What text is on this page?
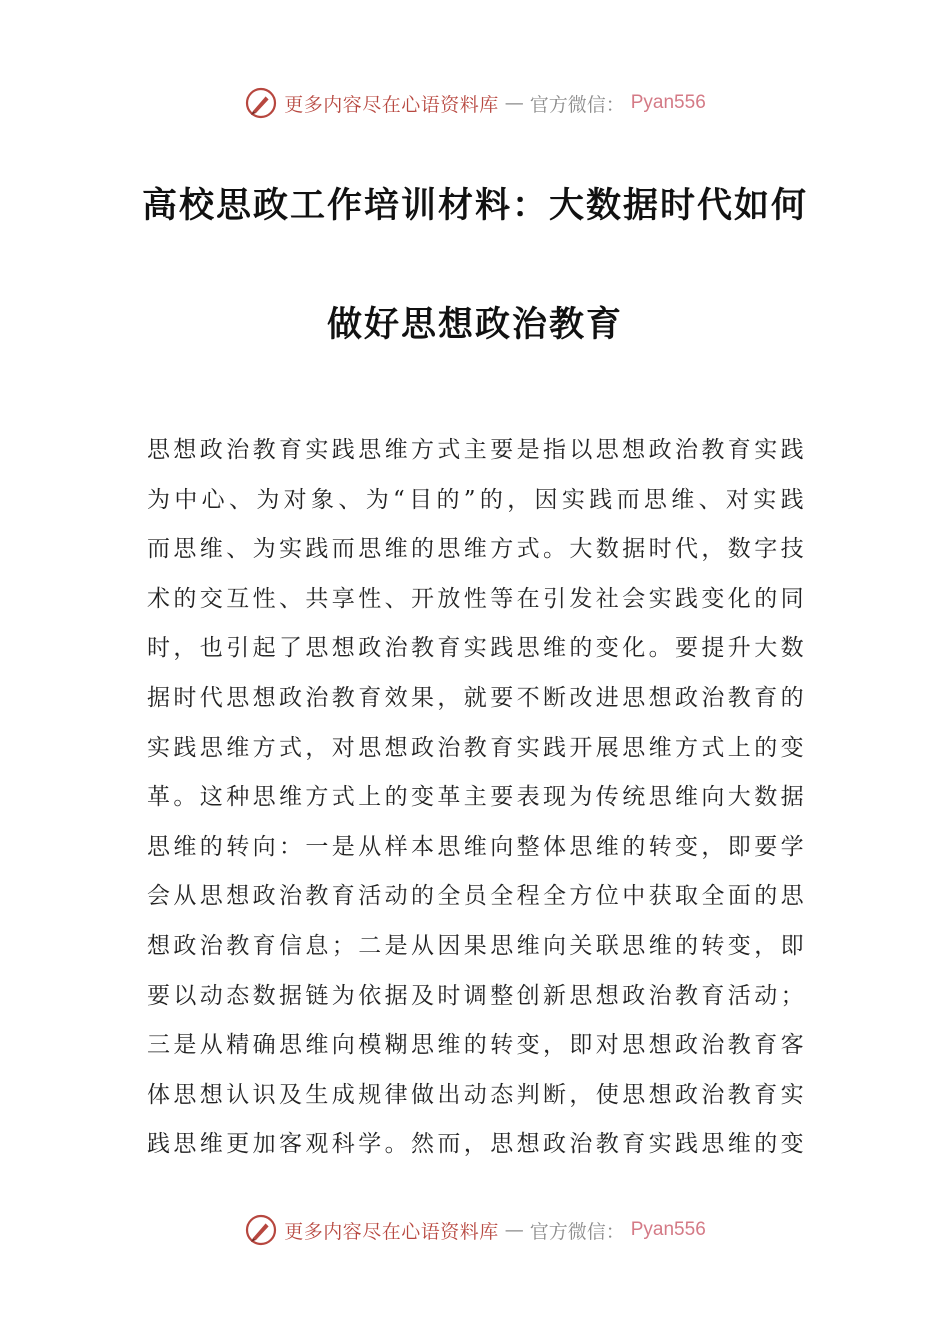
更多内容尽在心语资料库 — 官方微信： Pyan556
高校思政工作培训材料：大数据时代如何
做好思想政治教育

思想政治教育实践思维方式主要是指以思想政治教育实践为中心、为对象、为“目的”的，因实践而思维、对实践而思维、为实践而思维的思维方式。大数据时代，数字技术的交互性、共享性、开放性等在引发社会实践变化的同时，也引起了思想政治教育实践思维的变化。要提升大数据时代思想政治教育效果，就要不断改进思想政治教育的实践思维方式，对思想政治教育实践开展思维方式上的变革。这种思维方式上的变革主要表现为传统思维向大数据思维的转向：一是从样本思维向整体思维的转变，即要学会从思想政治教育活动的全员全程全方位中获取全面的思想政治教育信息；二是从因果思维向关联思维的转变，即要以动态数据链为依据及时调整创新思想政治教育活动；三是从精确思维向模糊思维的转变，即对思想政治教育客体思想认识及生成规律做出动态判断，使思想政治教育实践思维更加客观科学。然而，思想政治教育实践思维的变

更多内容尽在心语资料库 — 官方微信： Pyan556
